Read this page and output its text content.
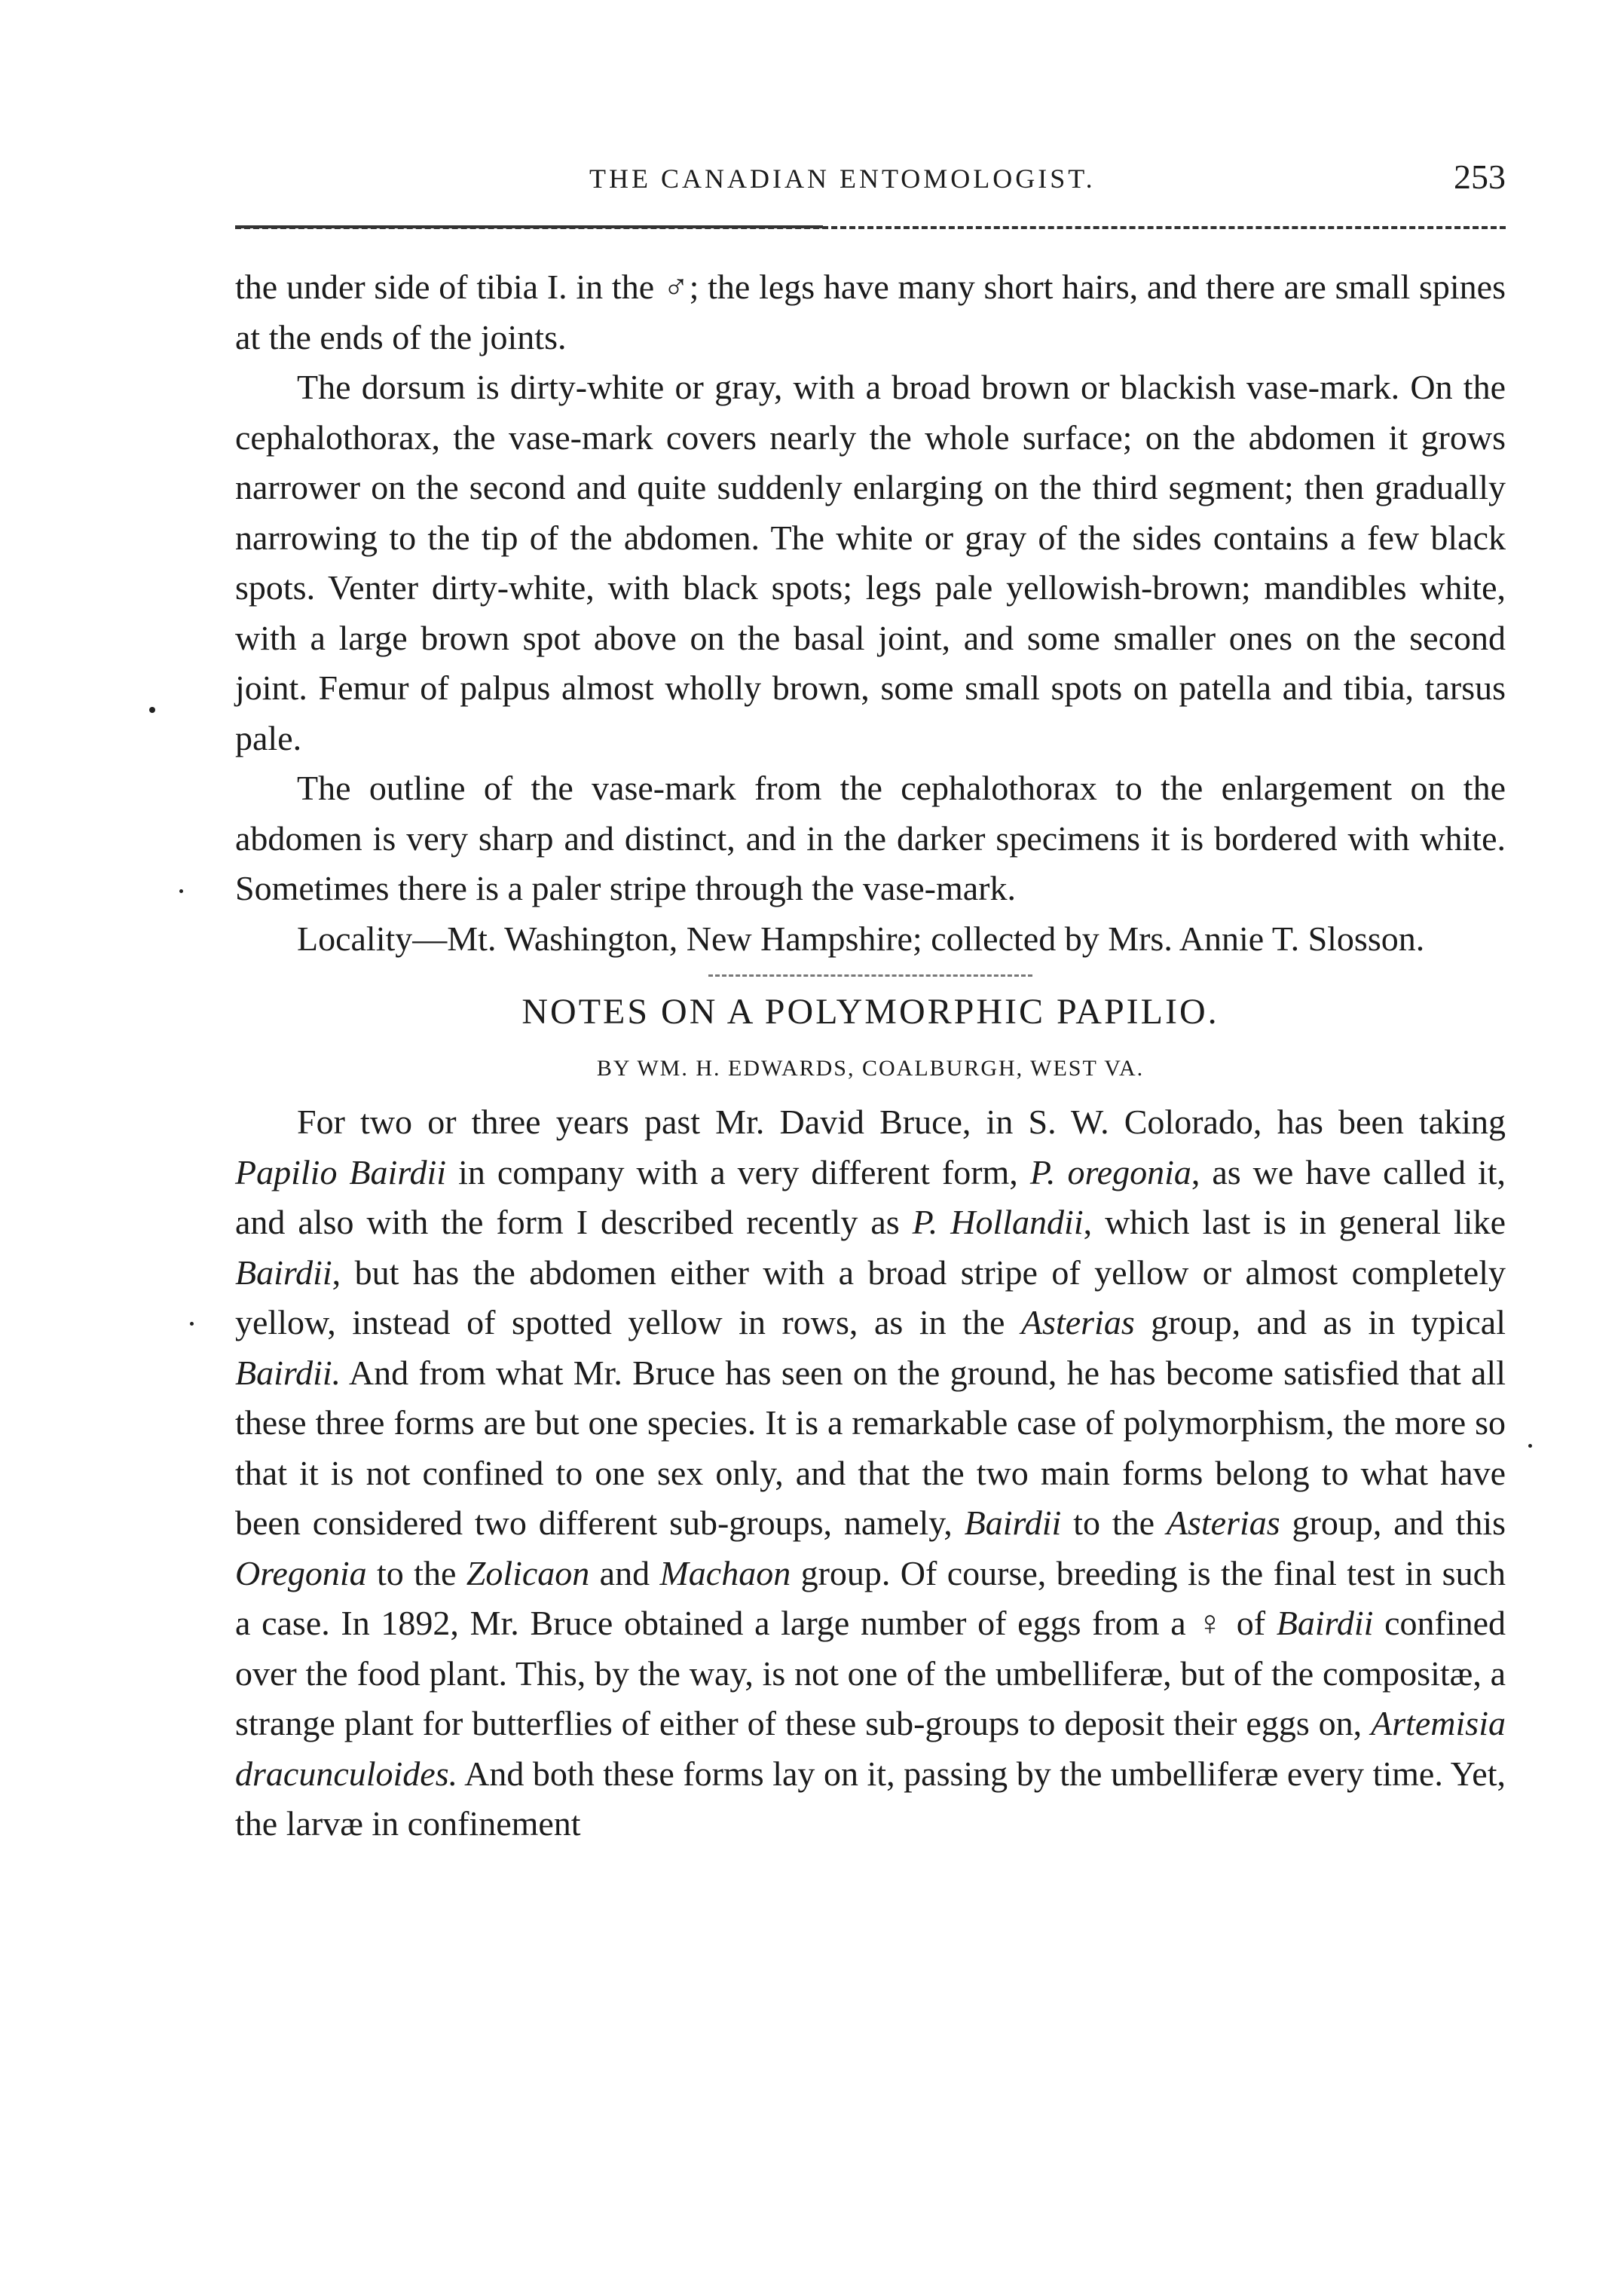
THE CANADIAN ENTOMOLOGIST.	253

the under side of tibia I. in the ♂; the legs have many short hairs, and there are small spines at the ends of the joints.

The dorsum is dirty-white or gray, with a broad brown or blackish vase-mark. On the cephalothorax, the vase-mark covers nearly the whole surface; on the abdomen it grows narrower on the second and quite suddenly enlarging on the third segment; then gradually narrowing to the tip of the abdomen. The white or gray of the sides contains a few black spots. Venter dirty-white, with black spots; legs pale yellowish-brown; mandibles white, with a large brown spot above on the basal joint, and some smaller ones on the second joint. Femur of palpus almost wholly brown, some small spots on patella and tibia, tarsus pale.

The outline of the vase-mark from the cephalothorax to the enlargement on the abdomen is very sharp and distinct, and in the darker specimens it is bordered with white. Sometimes there is a paler stripe through the vase-mark.

Locality—Mt. Washington, New Hampshire; collected by Mrs. Annie T. Slosson.

NOTES ON A POLYMORPHIC PAPILIO.
BY WM. H. EDWARDS, COALBURGH, WEST VA.

For two or three years past Mr. David Bruce, in S. W. Colorado, has been taking Papilio Bairdii in company with a very different form, P. oregonia, as we have called it, and also with the form I described recently as P. Hollandii, which last is in general like Bairdii, but has the abdomen either with a broad stripe of yellow or almost completely yellow, instead of spotted yellow in rows, as in the Asterias group, and as in typical Bairdii. And from what Mr. Bruce has seen on the ground, he has become satisfied that all these three forms are but one species. It is a remarkable case of polymorphism, the more so that it is not confined to one sex only, and that the two main forms belong to what have been considered two different sub-groups, namely, Bairdii to the Asterias group, and this Oregonia to the Zolicaon and Machaon group. Of course, breeding is the final test in such a case. In 1892, Mr. Bruce obtained a large number of eggs from a ♀ of Bairdii confined over the food plant. This, by the way, is not one of the umbelliferæ, but of the compositæ, a strange plant for butterflies of either of these sub-groups to deposit their eggs on, Artemisia dracunculoides. And both these forms lay on it, passing by the umbelliferæ every time. Yet, the larvæ in confinement
